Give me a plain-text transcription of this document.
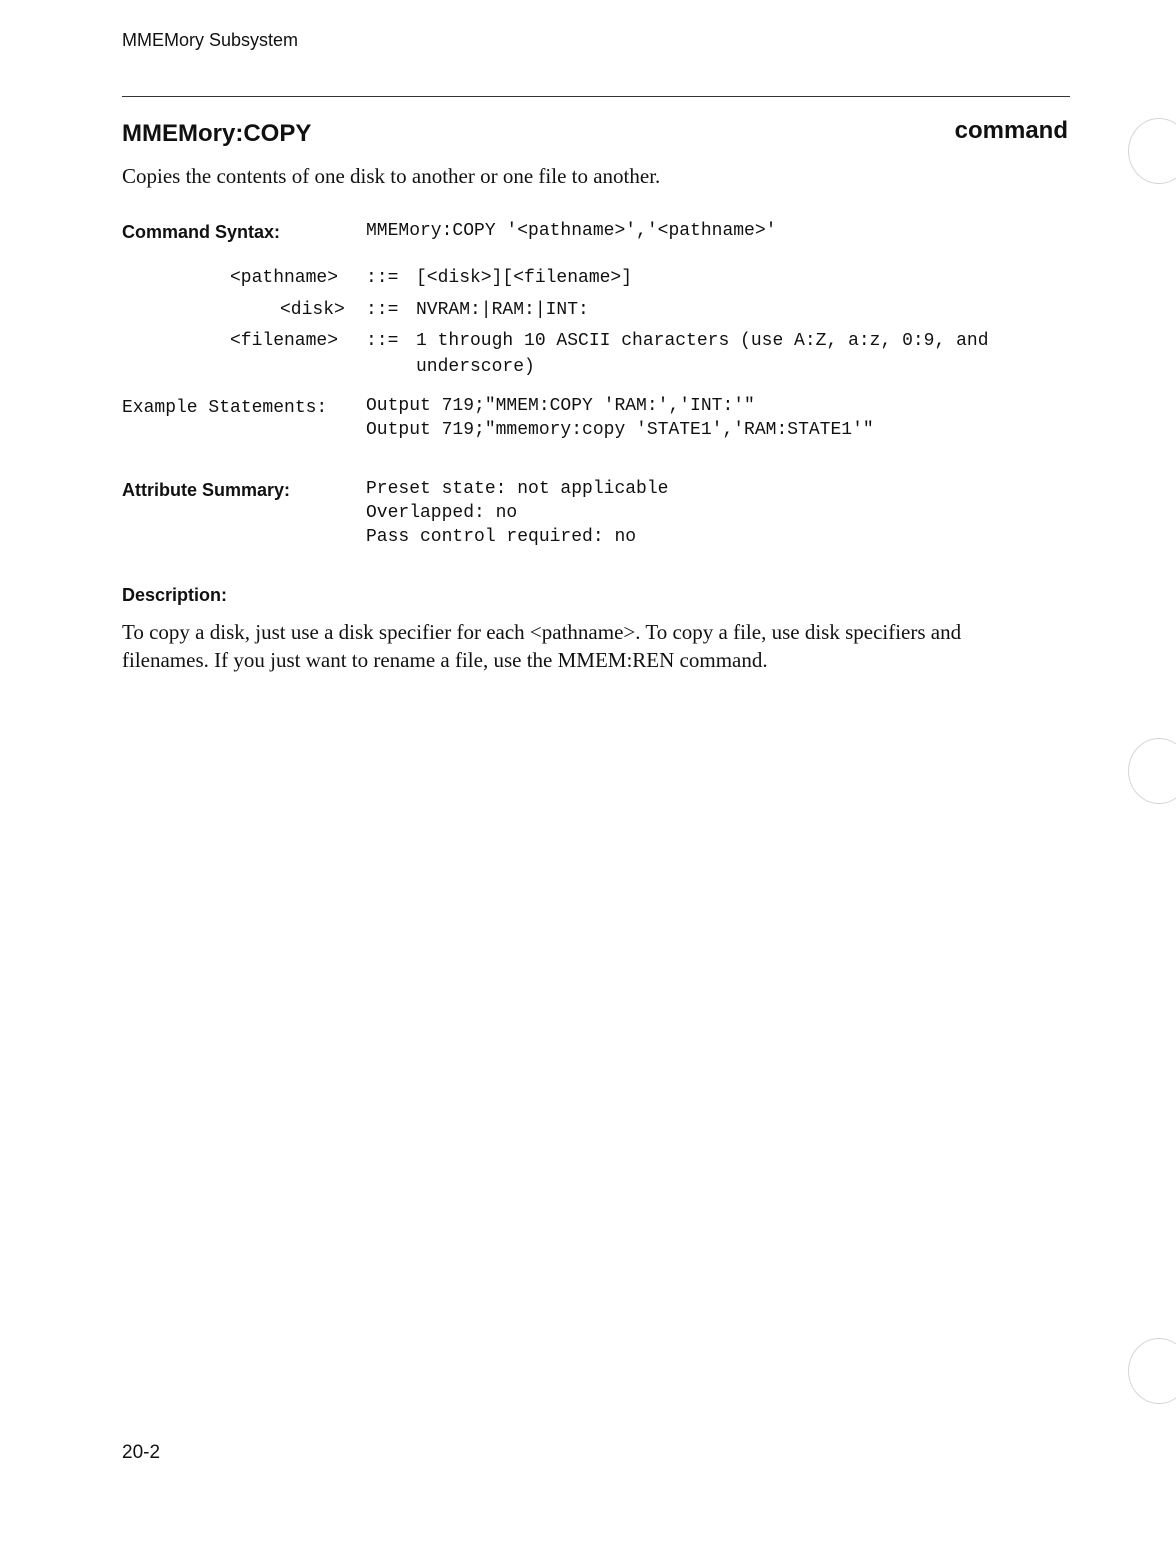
MMEMory Subsystem
MMEMory:COPY	command
Copies the contents of one disk to another or one file to another.
Command Syntax:	MMEMory:COPY '<pathname>','<pathname>'
<pathname> ::= [<disk>][<filename>]
<disk> ::= NVRAM:|RAM:|INT:
<filename> ::= 1 through 10 ASCII characters (use A:Z, a:z, 0:9, and
underscore)
Example Statements: Output 719;"MMEM:COPY 'RAM:','INT:'"
Output 719;"mmemory:copy 'STATE1','RAM:STATE1'"
Attribute Summary:	Preset state: not applicable
Overlapped: no
Pass control required: no
Description:
To copy a disk, just use a disk specifier for each <pathname>. To copy a file, use disk specifiers and
filenames. If you just want to rename a file, use the MMEM:REN command.
20-2
